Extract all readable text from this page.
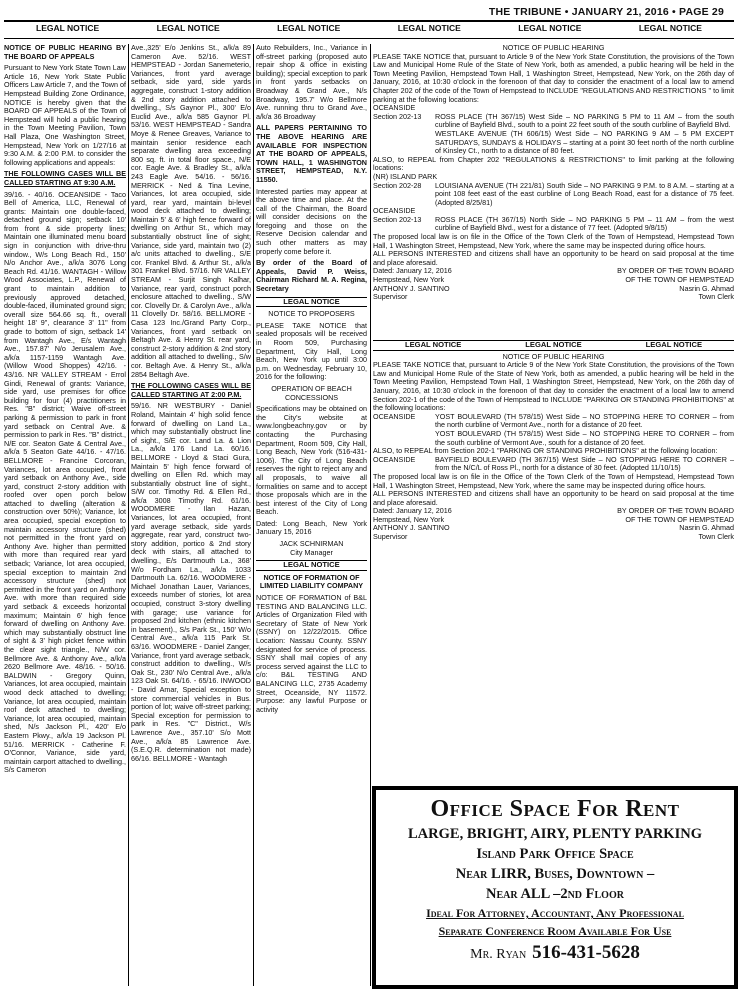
THE TRIBUNE • JANUARY 21, 2016 • PAGE 29
LEGAL NOTICE	LEGAL NOTICE	LEGAL NOTICE	LEGAL NOTICE	LEGAL NOTICE	LEGAL NOTICE

NOTICE OF PUBLIC HEARING BY THE BOARD OF APPEALS

Pursuant to New York State Town Law Article 16, New York State Public Officers Law Article 7, and the Town of Hempstead Building Zone Ordinance, NOTICE is hereby given that the BOARD OF APPEALS of the Town of Hempstead will hold a public hearing in the Town Meeting Pavilion, Town Hall Plaza, One Washington Street, Hempstead, New York on 1/27/16 at 9:30 A.M. & 2:00 P.M. to consider the following applications and appeals:

THE FOLLOWING CASES WILL BE CALLED STARTING AT 9:30 A.M.

39/16. - 40/16. OCEANSIDE - Taco Bell of America, LLC, Renewal of grants: Maintain one double-faced, detached ground sign; setback 10' from front & side property lines; Maintain one illuminated menu board sign in conjunction with drive-thru window., W/s Long Beach Rd., 150' N/o Anchor Ave., a/k/a 3076 Long Beach Rd. 41/16. WANTAGH - Willow Wood Associates, L.P., Renewal of grant to maintain addition to previously approved detached, double-faced, illuminated ground sign; overall size 564.66 sq. ft., overall height 18' 9", clearance 3' 11" from grade to bottom of sign, setback 14' from Wantagh Ave., E/s Wantagh Ave., 157.87' N/o Jerusalem Ave., a/k/a 1157-1159 Wantagh Ave. (Willow Wood Shoppes) 42/16. - 43/16. NR VALLEY STREAM - Errol Gindi, Renewal of grants: Variance, side yard, use premises for office building for four (4) practitioners in Res. "B" district; Waive off-street parking & permission to park in front yard setback on Central Ave. & permission to park in Res. "B" district., N/E cor. Seaton Gate & Central Ave., a/k/a 5 Seaton Gate 44/16. - 47/16. BELLMORE - Francine Corcoran, Variances, lot area occupied, front yard setback on Anthony Ave., side yard, construct 2-story addition with roofed over open porch below attached to dwelling (alteration & construction over 50%); Variance, lot area occupied, special exception to maintain accessory structure (shed) not permitted in the front yard on Anthony Ave. higher than permitted with more than required rear yard setback; Variance, lot area occupied, special exception to maintain 2nd accessory structure (shed) not permitted in the front yard on Anthony Ave. with more than required side yard setback & exceeds horizontal maximum; Maintain 6' high fence forward of dwelling on Anthony Ave. which may substantially obstruct line of sight & 3' high picket fence within the clear sight triangle., N/W cor. Bellmore Ave. & Anthony Ave., a/k/a 2620 Bellmore Ave. 48/16. - 50/16. BALDWIN - Gregory Quinn, Variances, lot area occupied, maintain wood deck attached to dwelling; Variance, lot area occupied, maintain roof deck attached to dwelling; Variance, lot area occupied, maintain shed, N/s Jackson Pl., 420' E/o Eastern Pkwy., a/k/a 19 Jackson Pl. 51/16. MERRICK - Catherine F. O'Connor, Variance, side yard, maintain carport attached to dwelling., S/s Cameron

Ave.,325' E/o Jenkins St., a/k/a 89 Cameron Ave. 52/16. WEST HEMPSTEAD - Jordan Sanemeterio, Variances, front yard average setback, side yard, side yards aggregate, construct 1-story addition & 2nd story addition attached to dwelling., S/s Gaynor Pl., 300' E/o Euclid Ave., a/k/a 585 Gaynor Pl. 53/16. WEST HEMPSTEAD - Sandra Moye & Renee Greaves, Variance to maintain senior residence each separate dwelling area exceeding 800 sq. ft. in total floor space., N/E cor. Eagle Ave. & Bradley St., a/k/a 243 Eagle Ave. 54/16. - 56/16. MERRICK - Ned & Tina Levine, Variances, lot area occupied, side yard, rear yard, maintain bi-level wood deck attached to dwelling; Maintain 5' & 6' high fence forward of dwelling on Arthur St., which may substantially obstruct line of sight; Variance, side yard, maintain two (2) a/c units attached to dwelling., S/E cor. Frankel Blvd. & Arthur St., a/k/a 301 Frankel Blvd. 57/16. NR VALLEY STREAM - Surjit Singh Kalhar, Variance, rear yard, construct porch enclosure attached to dwelling., S/W cor. Clovelly Dr. & Carolyn Ave., a/k/a 11 Clovelly Dr. 58/16. BELLMORE - Casa 123 Inc./Grand Party Corp., Variances, front yard setback on Beltagh Ave. & Henry St. rear yard, construct 2-story addition & 2nd story addition all attached to dwelling., S/w cor. Beltagh Ave. & Henry St., a/k/a 2854 Beltagh Ave.

THE FOLLOWING CASES WILL BE CALLED STARTING AT 2:00 P.M.

59/16. NR WESTBURY - Daniel Roland, Maintain 4' high solid fence forward of dwelling on Land La., which may substantially obstruct line of sight., S/E cor. Land La. & Lion La., a/k/a 176 Land La. 60/16. BELLMORE - Lloyd & Staci Gura, Maintain 5' high fence forward of dwelling on Ellen Rd. which may substantially obstruct line of sight., S/W cor. Timothy Rd. & Ellen Rd., a/k/a 3008 Timothy Rd. 61/16. WOODMERE - Ilan Hazan, Variances, lot area occupied, front yard average setback, side yards aggregate, rear yard, construct two-story addition, portico & 2nd story deck with stairs, all attached to dwelling., E/s Dartmouth La., 368' W/o Fordham La., a/k/a 1033 Dartmouth La. 62/16. WOODMERE - Michael Jonathan Lauer, Variances, exceeds number of stories, lot area occupied, construct 3-story dwelling with garage; use variance for proposed 2nd kitchen (ethnic kitchen in basement)., S/s Park St., 150' W/o Central Ave., a/k/a 115 Park St. 63/16. WOODMERE - Daniel Zanger, Variance, front yard average setback, construct addition to dwelling., W/s Oak St., 230' N/o Central Ave., a/k/a 123 Oak St. 64/16. - 65/16. INWOOD - David Amar, Special exception to store commercial vehicles in Bus. portion of lot; waive off-street parking; Special exception for permission to park in Res. "C" District., W/s Lawrence Ave., 357.10' S/o Mott Ave., a/k/a 85 Lawrence Ave. (S.E.Q.R. determination not made) 66/16. BELLMORE - Wantagh

Auto Rebuilders, Inc., Variance in off-street parking (proposed auto repair shop & office in existing building); special exception to park in front yards setbacks on Broadway & Grand Ave., N/s Broadway, 195.7' W/o Bellmore Ave. running thru to Grand Ave., a/k/a 36 Broadway

ALL PAPERS PERTAINING TO THE ABOVE HEARING ARE AVAILABLE FOR INSPECTION AT THE BOARD OF APPEALS, TOWN HALL, 1 WASHINGTON STREET, HEMPSTEAD, N.Y. 11550.

Interested parties may appear at the above time and place. At the call of the Chairman, the Board will consider decisions on the foregoing and those on the Reserve Decision calendar and such other matters as may properly come before it.

By order of the Board of Appeals, David P. Weiss, Chairman Richard M. A. Regina, Secretary

LEGAL NOTICE

NOTICE TO PROPOSERS

PLEASE TAKE NOTICE that sealed proposals will be received in Room 509, Purchasing Department, City Hall, Long Beach, New York up until 3:00 p.m. on Wednesday, February 10, 2016 for the following:

OPERATION OF BEACH CONCESSIONS

Specifications may be obtained on the City's website at www.longbeachny.gov or by contacting the Purchasing Department, Room 509, City Hall, Long Beach, New York (516-431-1006). The City of Long Beach reserves the right to reject any and all proposals, to waive all formalities on same and to accept those proposals which are in the best interest of the City of Long Beach.

Dated: Long Beach, New York January 15, 2016

JACK SCHNIRMAN

City Manager

LEGAL NOTICE

NOTICE OF FORMATION OF LIMITED LIABILITY COMPANY

NOTICE OF FORMATION of B&L TESTING AND BALANCING LLC. Articles of Organization Filed with Secretary of State of New York (SSNY) on 12/22/2015. Office Location: Nassau County. SSNY designated for service of process. SSNY shall mail copies of any process served against the LLC to c/o: B&L TESTING AND BALANCING LLC, 2735 Academy Street, Oceanside, NY 11572. Purpose: any lawful Purpose or activity

NOTICE OF PUBLIC HEARING

PLEASE TAKE NOTICE that, pursuant to Article 9 of the New York State Constitution, the provisions of the Town Law and Municipal Home Rule of the State of New York, both as amended, a public hearing will be held in the Town Meeting Pavilion, Hempstead Town Hall, 1 Washington Street, Hempstead, New York, on the 26th day of January, 2016, at 10:30 o'clock in the forenoon of that day to consider the enactment of a local law to amend Chapter 202 of the code of the Town of Hempstead to INCLUDE "REGULATIONS AND RESTRICTIONS " to limit parking at the following locations:

OCEANSIDE
Section 202-13	ROSS PLACE (TH 367/15) West Side – NO PARKING 5 PM to 11 AM – from the south curbline of Bayfield Blvd., south to a point 22 feet south of the south curbline of Bayfield Blvd.
WESTLAKE AVENUE (TH 606/15) West Side – NO PARKING 9 AM – 5 PM EXCEPT SATURDAYS, SUNDAYS & HOLIDAYS – starting at a point 30 feet north of the north curbline of Kinsley Ct., north to a distance of 80 feet.
ALSO, to REPEAL from Chapter 202 "REGULATIONS & RESTRICTIONS" to limit parking at the following locations:
(NR) ISLAND PARK
Section 202-28	LOUISIANA AVENUE (TH 221/81) South Side – NO PARKING 9 P.M. to 8 A.M. – starting at a point 108 feet east of the east curbline of Long Beach Road, east for a distance of 75 feet. (Adopted 8/25/81)
OCEANSIDE
Section 202-13	ROSS PLACE (TH 367/15) North Side – NO PARKING 5 PM – 11 AM – from the west curbline of Bayfield Blvd., west for a distance of 77 feet. (Adopted 9/8/15)
The proposed local law is on file in the Office of the Town Clerk of the Town of Hempstead, Hempstead Town Hall, 1 Washington Street, Hempstead, New York, where the same may be inspected during office hours.
ALL PERSONS INTERESTED and citizens shall have an opportunity to be heard on said proposal at the time and place aforesaid.
Dated: January 12, 2016	BY ORDER OF THE TOWN BOARD
Hempstead, New York	OF THE TOWN OF HEMPSTEAD
ANTHONY J. SANTINO	Nasrin G. Ahmad
Supervisor	Town Clerk
LEGAL NOTICE	LEGAL NOTICE	LEGAL NOTICE
NOTICE OF PUBLIC HEARING
PLEASE TAKE NOTICE that, pursuant to Article 9 of the New York State Constitution, the provisions of the Town Law and Municipal Home Rule of the State of New York, both as amended, a public hearing will be held in the Town Meeting Pavilion, Hempstead Town Hall, 1 Washington Street, Hempstead, New York, on the 26th day of January, 2016, at 10:30 o'clock in the forenoon of that day to consider the enactment of a local law to amend Section 202-1 of the code of the Town of Hempstead to INCLUDE "PARKING OR STANDING PROHIBITIONS" at the following locations:
OCEANSIDE	YOST BOULEVARD (TH 578/15) West Side – NO STOPPING HERE TO CORNER – from the north curbline of Vermont Ave., north for a distance of 20 feet.
YOST BOULEVARD (TH 578/15) West Side – NO STOPPING HERE TO CORNER – from the south curbline of Vermont Ave., south for a distance of 20 feet.
ALSO, to REPEAL from Section 202-1 "PARKING OR STANDING PROHIBITIONS" at the following location:
OCEANSIDE	BAYFIELD BOULEVARD (TH 367/15) West Side – NO STOPPING HERE TO CORNER – from the N/C/L of Ross Pl., north for a distance of 30 feet. (Adopted 11/10/15)
The proposed local law is on file in the Office of the Town Clerk of the Town of Hempstead, Hempstead Town Hall, 1 Washington Street, Hempstead, New York, where the same may be inspected during office hours.
ALL PERSONS INTERESTED and citizens shall have an opportunity to be heard on said proposal at the time and place aforesaid.
Dated: January 12, 2016	BY ORDER OF THE TOWN BOARD
Hempstead, New York	OF THE TOWN OF HEMPSTEAD
ANTHONY J. SANTINO	Nasrin G. Ahmad
Supervisor	Town Clerk
Office Space For Rent
LARGE, BRIGHT, AIRY, PLENTY PARKING
Island Park Office Space
Near LIRR, Buses, Downtown –
Near ALL –2nd Floor
Ideal For Attorney, Accountant, Any Professional
Separate Conference Room Available For Use
Mr. Ryan 516-431-5628
